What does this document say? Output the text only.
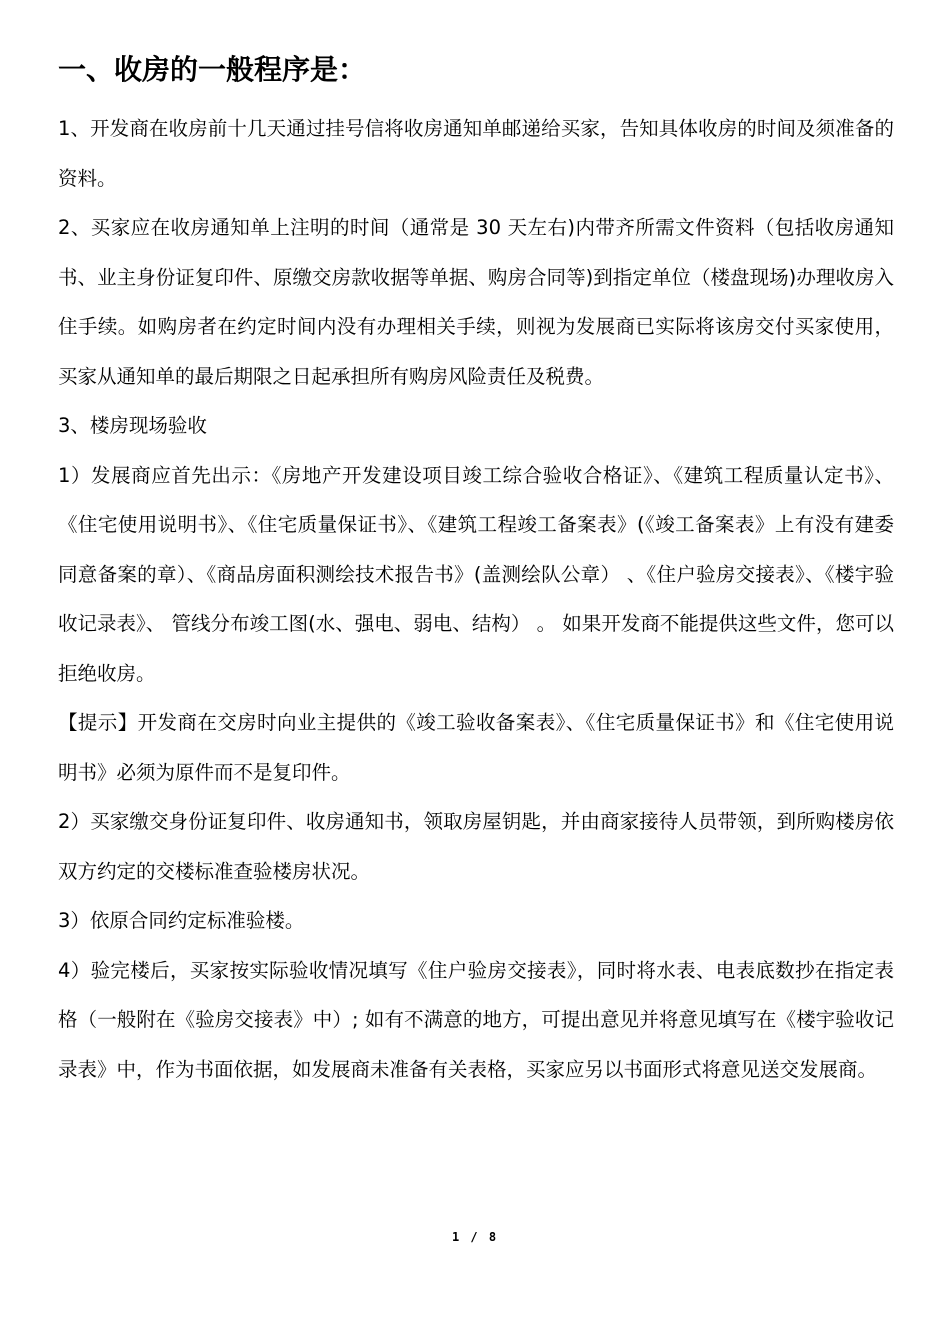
一、收房的一般程序是：

1、开发商在收房前十几天通过挂号信将收房通知单邮递给买家，告知具体收房的时间及须准备的资料。

2、买家应在收房通知单上注明的时间（通常是 30 天左右)内带齐所需文件资料（包括收房通知书、业主身份证复印件、原缴交房款收据等单据、购房合同等)到指定单位（楼盘现场)办理收房入住手续。如购房者在约定时间内没有办理相关手续，则视为发展商已实际将该房交付买家使用，买家从通知单的最后期限之日起承担所有购房风险责任及税费。

3、楼房现场验收

1）发展商应首先出示：《房地产开发建设项目竣工综合验收合格证》、《建筑工程质量认定书》、《住宅使用说明书》、《住宅质量保证书》、《建筑工程竣工备案表》(《竣工备案表》上有没有建委同意备案的章）、《商品房面积测绘技术报告书》(盖测绘队公章） 、《住户验房交接表》、《楼宇验收记录表》、 管线分布竣工图(水、强电、弱电、结构） 。 如果开发商不能提供这些文件，您可以拒绝收房。

【提示】开发商在交房时向业主提供的《竣工验收备案表》、《住宅质量保证书》和《住宅使用说明书》必须为原件而不是复印件。

2）买家缴交身份证复印件、收房通知书，领取房屋钥匙，并由商家接待人员带领，到所购楼房依双方约定的交楼标准查验楼房状况。

3）依原合同约定标准验楼。

4）验完楼后，买家按实际验收情况填写《住户验房交接表》，同时将水表、电表底数抄在指定表格（一般附在《验房交接表》中）; 如有不满意的地方，可提出意见并将意见填写在《楼宇验收记录表》中，作为书面依据，如发展商未准备有关表格，买家应另以书面形式将意见送交发展商。

1 / 8
